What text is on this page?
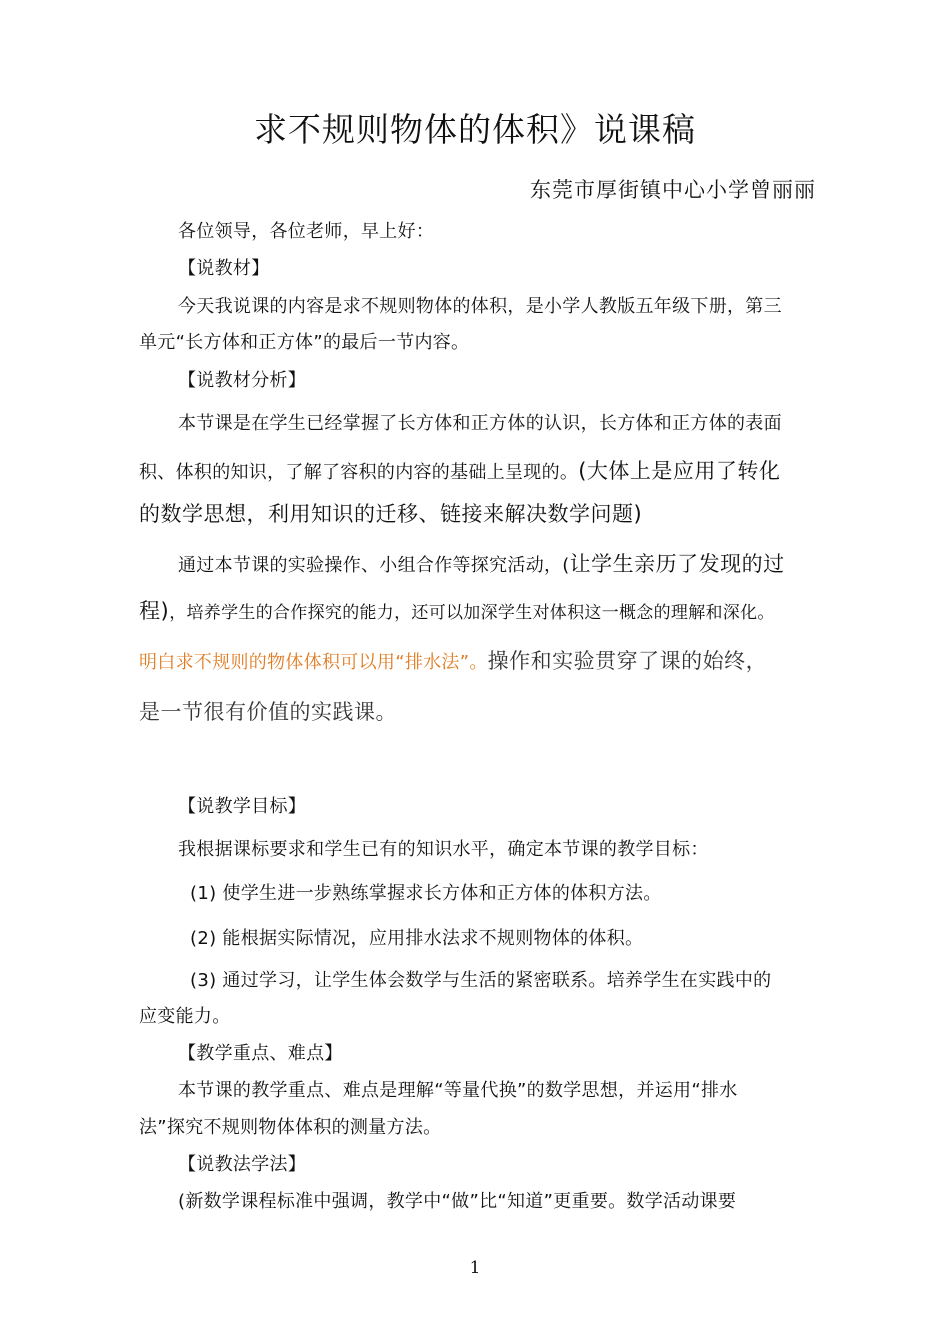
求不规则物体的体积》说课稿
东莞市厚街镇中心小学曾丽丽
各位领导，各位老师，早上好：
【说教材】
今天我说课的内容是求不规则物体的体积，是小学人教版五年级下册，第三
单元“长方体和正方体”的最后一节内容。
【说教材分析】
本节课是在学生已经掌握了长方体和正方体的认识，长方体和正方体的表面
积、体积的知识，了解了容积的内容的基础上呈现的。(大体上是应用了转化
的数学思想，利用知识的迁移、链接来解决数学问题)
通过本节课的实验操作、小组合作等探究活动，(让学生亲历了发现的过
程)，培养学生的合作探究的能力，还可以加深学生对体积这一概念的理解和深化。
明白求不规则的物体体积可以用“排水法”。操作和实验贯穿了课的始终，
是一节很有价值的实践课。
【说教学目标】
我根据课标要求和学生已有的知识水平，确定本节课的教学目标：
(1) 使学生进一步熟练掌握求长方体和正方体的体积方法。
(2) 能根据实际情况，应用排水法求不规则物体的体积。
(3) 通过学习，让学生体会数学与生活的紧密联系。培养学生在实践中的
应变能力。
【教学重点、难点】
本节课的教学重点、难点是理解“等量代换”的数学思想，并运用“排水
法”探究不规则物体体积的测量方法。
【说教法学法】
(新数学课程标准中强调，教学中“做”比“知道”更重要。数学活动课要
1
